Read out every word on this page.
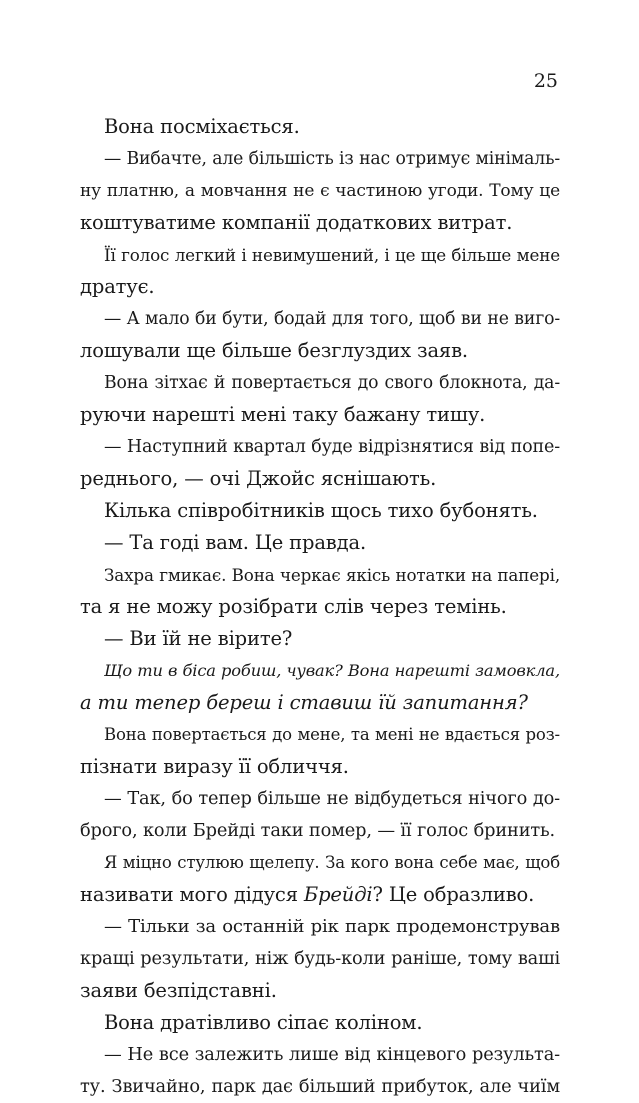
25
Вона посміхається.
— Вибачте, але більшість із нас отримує мінімаль-
ну платню, а мовчання не є частиною угоди. Тому це
коштуватиме компанії додаткових витрат.
Її голос легкий і невимушений, і це ще більше мене
дратує.
— А мало би бути, бодай для того, щоб ви не виго-
лошували ще більше безглуздих заяв.
Вона зітхає й повертається до свого блокнота, да-
руючи нарешті мені таку бажану тишу.
— Наступний квартал буде відрізнятися від попе-
реднього, — очі Джойс яснішають.
Кілька співробітників щось тихо бубонять.
— Та годі вам. Це правда.
Захра гмикає. Вона черкає якісь нотатки на папері,
та я не можу розібрати слів через темінь.
— Ви їй не вірите?
Що ти в біса робиш, чувак? Вона нарешті замовкла,
а ти тепер береш і ставиш їй запитання?
Вона повертається до мене, та мені не вдається роз-
пізнати виразу її обличчя.
— Так, бо тепер більше не відбудеться нічого до-
брого, коли Брейді таки помер, — її голос бринить.
Я міцно стулюю щелепу. За кого вона себе має, щоб
називати мого дідуся Брейді? Це образливо.
— Тільки за останній рік парк продемонстрував
кращі результати, ніж будь-коли раніше, тому ваші
заяви безпідставні.
Вона дратівливо сіпає коліном.
— Не все залежить лише від кінцевого результа-
ту. Звичайно, парк дає більший прибуток, але чиїм
